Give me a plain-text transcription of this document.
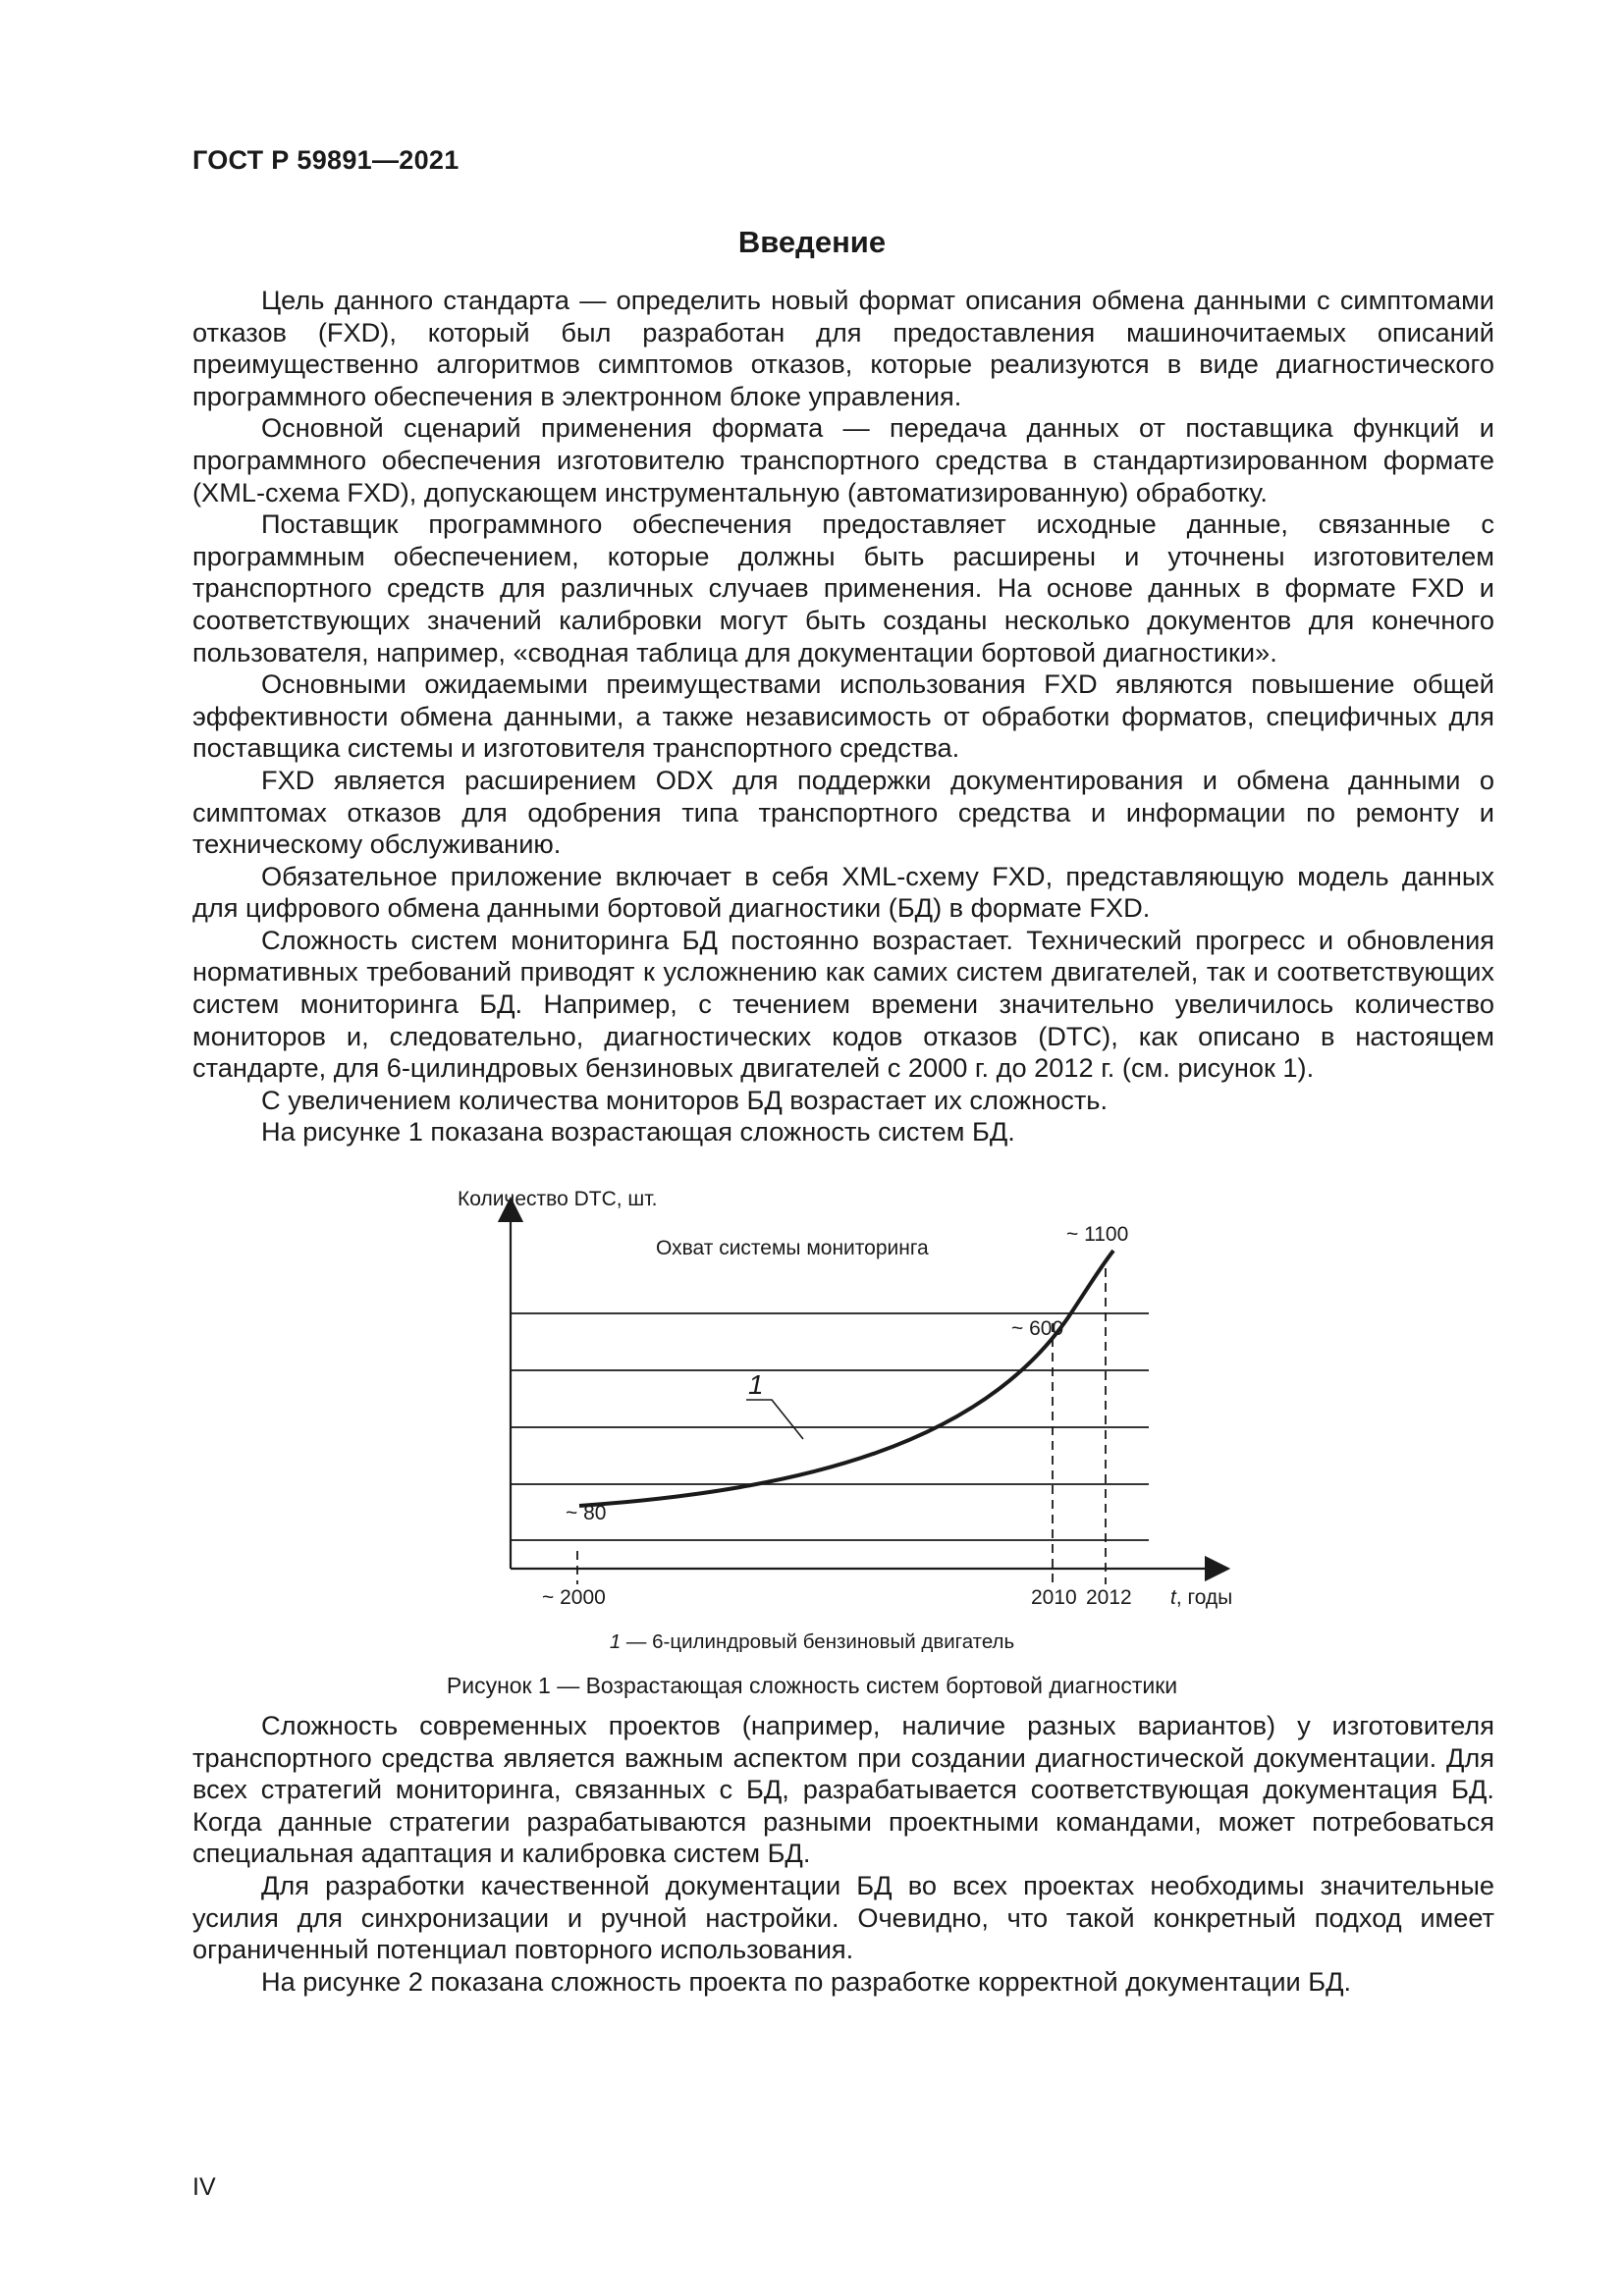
ГОСТ Р 59891—2021
Введение

Цель данного стандарта — определить новый формат описания обмена данными с симптомами отказов (FXD), который был разработан для предоставления машиночитаемых описаний преимущественно алгоритмов симптомов отказов, которые реализуются в виде диагностического программного обеспечения в электронном блоке управления.

Основной сценарий применения формата — передача данных от поставщика функций и программного обеспечения изготовителю транспортного средства в стандартизированном формате (XML-схема FXD), допускающем инструментальную (автоматизированную) обработку.

Поставщик программного обеспечения предоставляет исходные данные, связанные с программным обеспечением, которые должны быть расширены и уточнены изготовителем транспортного средств для различных случаев применения. На основе данных в формате FXD и соответствующих значений калибровки могут быть созданы несколько документов для конечного пользователя, например, «сводная таблица для документации бортовой диагностики».

Основными ожидаемыми преимуществами использования FXD являются повышение общей эффективности обмена данными, а также независимость от обработки форматов, специфичных для поставщика системы и изготовителя транспортного средства.

FXD является расширением ODX для поддержки документирования и обмена данными о симптомах отказов для одобрения типа транспортного средства и информации по ремонту и техническому обслуживанию.

Обязательное приложение включает в себя XML-схему FXD, представляющую модель данных для цифрового обмена данными бортовой диагностики (БД) в формате FXD.

Сложность систем мониторинга БД постоянно возрастает. Технический прогресс и обновления нормативных требований приводят к усложнению как самих систем двигателей, так и соответствующих систем мониторинга БД. Например, с течением времени значительно увеличилось количество мониторов и, следовательно, диагностических кодов отказов (DTC), как описано в настоящем стандарте, для 6-цилиндровых бензиновых двигателей с 2000 г. до 2012 г. (см. рисунок 1).

С увеличением количества мониторов БД возрастает их сложность.

На рисунке 1 показана возрастающая сложность систем БД.

Количество DTC, шт.
Охват системы мониторинга
~ 1100
~ 600
~ 80
1
~ 2000	2010 2012 t, годы
1 — 6-цилиндровый бензиновый двигатель
Рисунок 1 — Возрастающая сложность систем бортовой диагностики

Сложность современных проектов (например, наличие разных вариантов) у изготовителя транспортного средства является важным аспектом при создании диагностической документации. Для всех стратегий мониторинга, связанных с БД, разрабатывается соответствующая документация БД. Когда данные стратегии разрабатываются разными проектными командами, может потребоваться специальная адаптация и калибровка систем БД.

Для разработки качественной документации БД во всех проектах необходимы значительные усилия для синхронизации и ручной настройки. Очевидно, что такой конкретный подход имеет ограниченный потенциал повторного использования.

На рисунке 2 показана сложность проекта по разработке корректной документации БД.

IV
